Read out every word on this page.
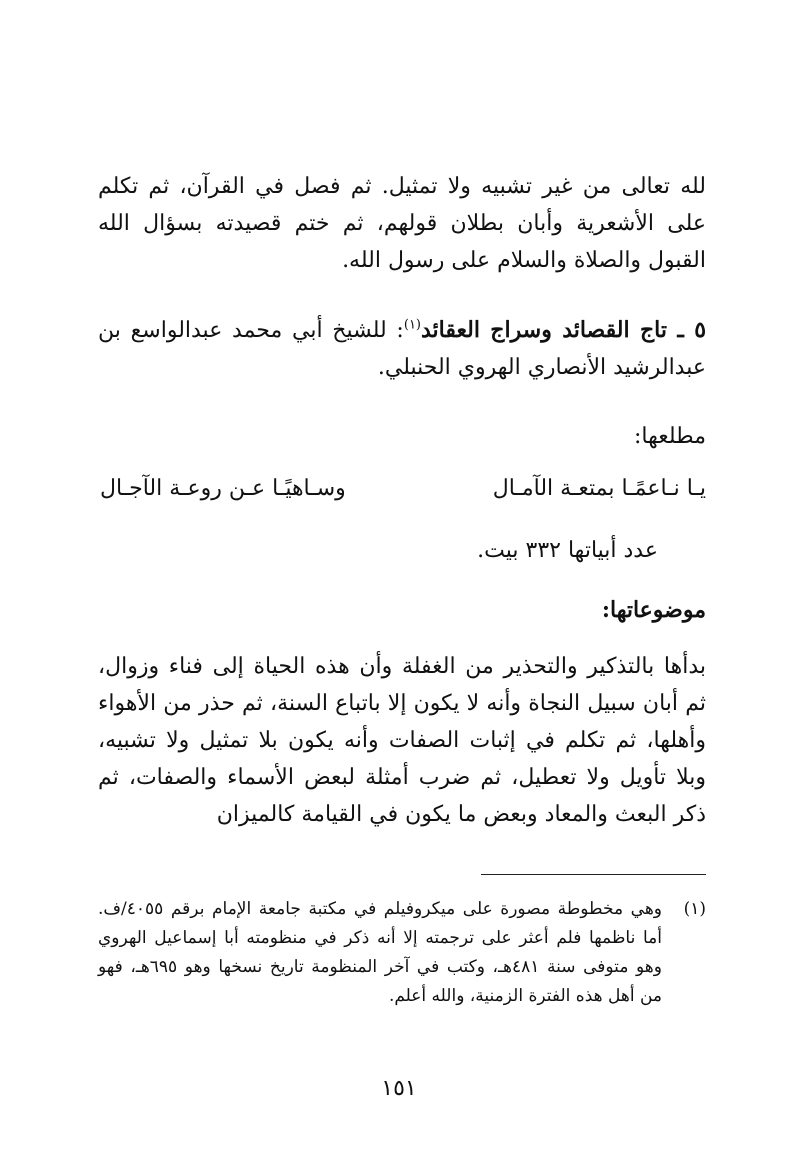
لله تعالى من غير تشبيه ولا تمثيل. ثم فصل في القرآن، ثم تكلم على الأشعرية وأبان بطلان قولهم، ثم ختم قصيدته بسؤال الله القبول والصلاة والسلام على رسول الله.
٥ ـ تاج القصائد وسراج العقائد$^{(١)}$: للشيخ أبي محمد عبدالواسع بن عبدالرشيد الأنصاري الهروي الحنبلي.
مطلعها:
يـا نـاعمًـا بمتعـة الآمـال
وسـاهيًـا عـن روعـة الآجـال
عدد أبياتها ٣٣٢ بيت.
موضوعاتها:
بدأها بالتذكير والتحذير من الغفلة وأن هذه الحياة إلى فناء وزوال، ثم أبان سبيل النجاة وأنه لا يكون إلا باتباع السنة، ثم حذر من الأهواء وأهلها، ثم تكلم في إثبات الصفات وأنه يكون بلا تمثيل ولا تشبيه، وبلا تأويل ولا تعطيل، ثم ضرب أمثلة لبعض الأسماء والصفات، ثم ذكر البعث والمعاد وبعض ما يكون في القيامة كالميزان
(١)
وهي مخطوطة مصورة على ميكروفيلم في مكتبة جامعة الإمام برقم ٤٠٥٥/ف. أما ناظمها فلم أعثر على ترجمته إلا أنه ذكر في منظومته أبا إسماعيل الهروي وهو متوفى سنة ٤٨١هـ، وكتب في آخر المنظومة تاريخ نسخها وهو ٦٩٥هـ، فهو من أهل هذه الفترة الزمنية، والله أعلم.
١٥١
